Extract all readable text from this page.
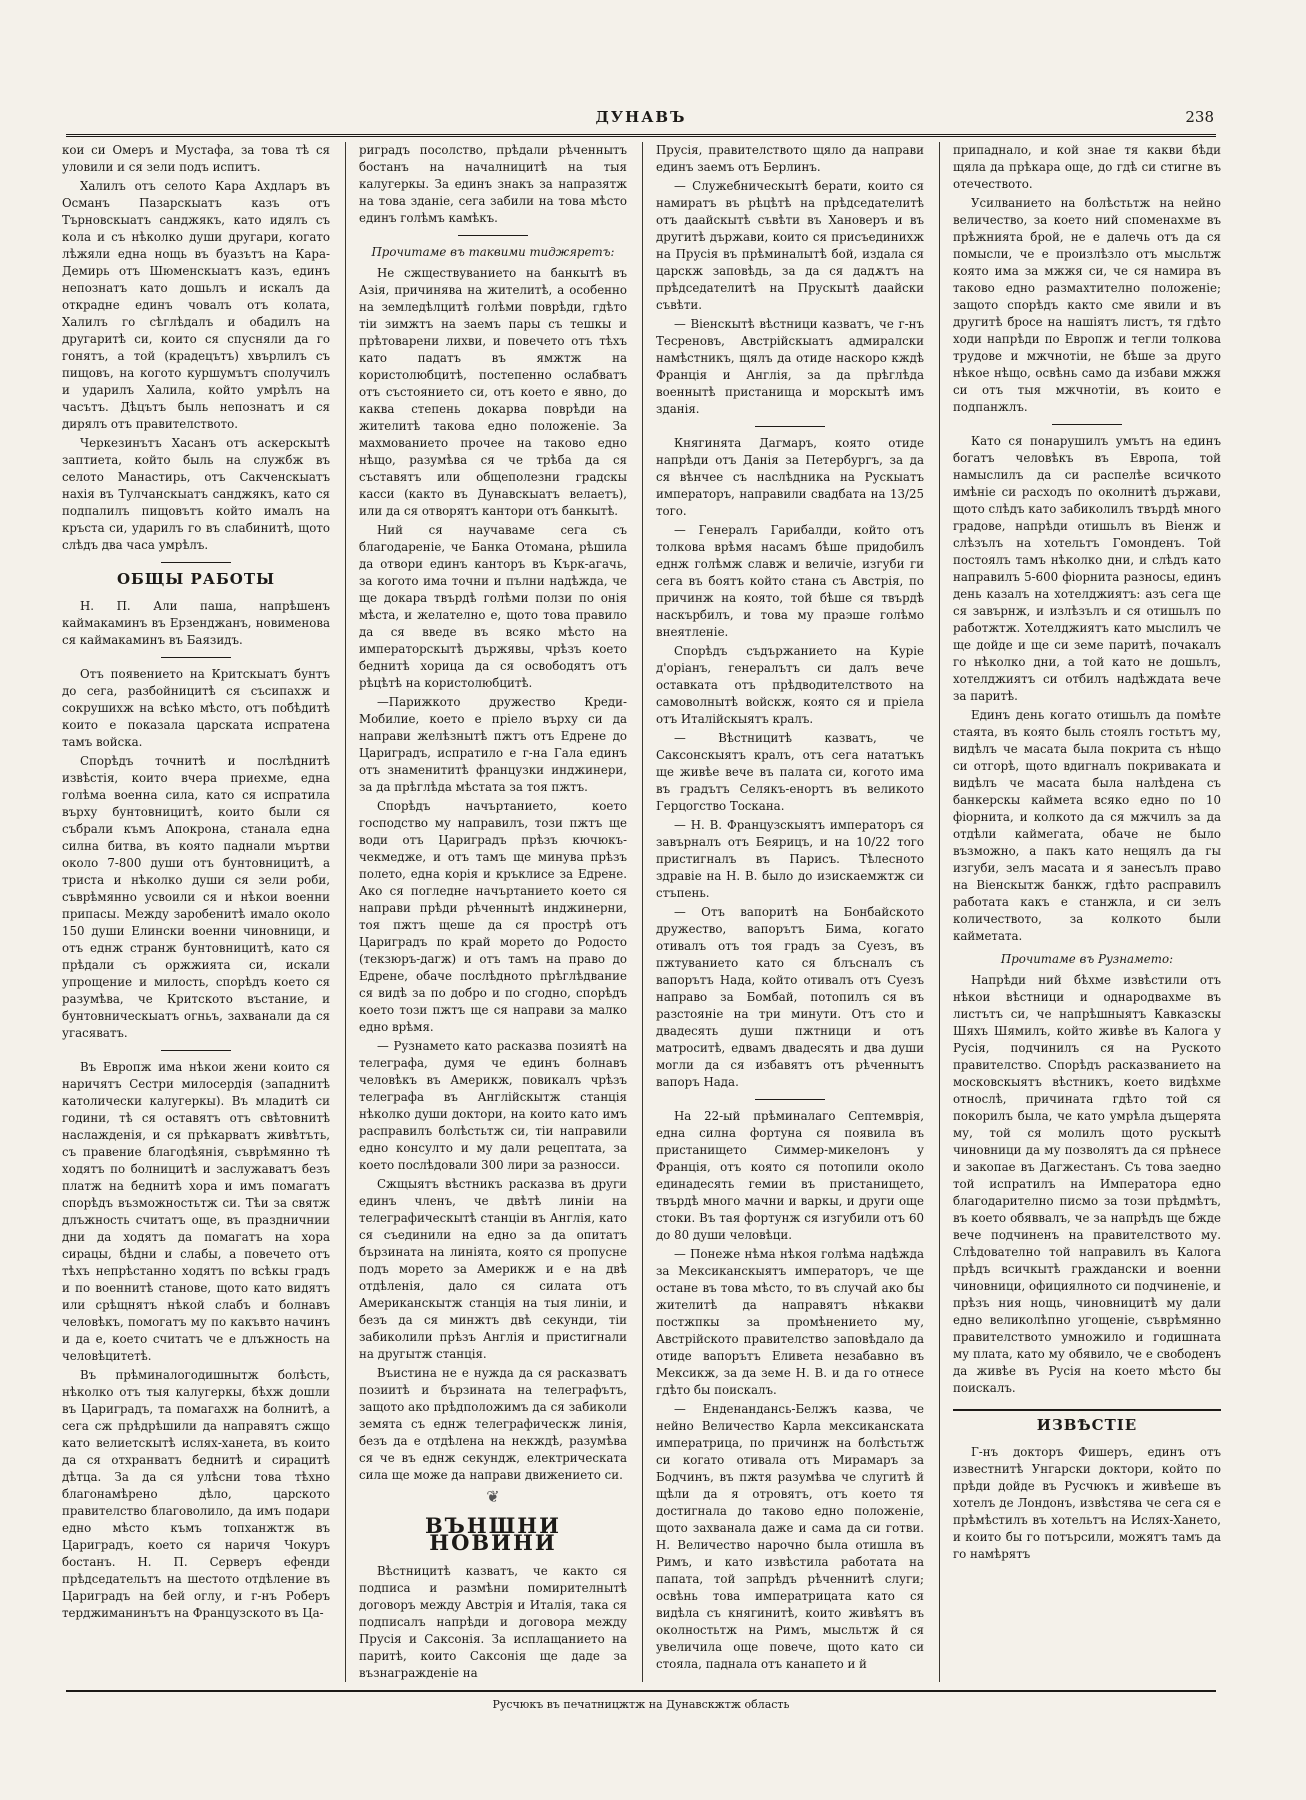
ДУНАВЪ	238

кои си Омеръ и Мустафа, за това тѣ ся уловили и ся зели подъ испитъ.

Халилъ отъ селото Кара Ахдларъ въ Османъ Пазарскыатъ казъ отъ Търновскыатъ санджякъ, като идялъ съ кола и съ нѣколко души другари, когато лѣжяли една нощь въ буазътъ на Кара-Демирь отъ Шюменскыатъ казъ, единъ непознатъ като дошьлъ и искалъ да открадне единъ човалъ отъ колата, Халилъ го сѣглѣдалъ и обадилъ на другаритѣ си, които ся спусняли да го гонятъ, а той (крадецътъ) хвърлилъ съ пищовъ, на когото куршумътъ сполучилъ и ударилъ Халила, който умрѣлъ на часътъ. Дѣцътъ быль непознатъ и ся дирялъ отъ правителството.

Черкезинътъ Хасанъ отъ аскерскытѣ заптиета, който быль на службж въ селото Манастирь, отъ Сакченскыатъ нахія въ Тулчанскыатъ санджякъ, като ся подпалилъ пищовътъ който ималъ на кръста си, ударилъ го въ слабинитѣ, щото слѣдъ два часа умрѣлъ.

ОБЩЫ РАБОТЫ

Н. П. Али паша, напрѣшенъ каймакаминъ въ Ерзенджанъ, новименова ся каймакаминъ въ Баязидъ.

Отъ появението на Критскыатъ бунтъ до сега, разбойницитѣ ся съсипахж и сокрушихж на всѣко мѣсто, отъ побѣдитѣ които е показала царската испратена тамъ войска.

Спорѣдъ точнитѣ и послѣднитѣ извѣстія, които вчера приехме, една голѣма военна сила, като ся испратила върху бунтовницитѣ, които были ся събрали къмъ Апокрона, станала една силна битва, въ която паднали мъртви около 7-800 души отъ бунтовницитѣ, а триста и нѣколко души ся зели роби, съврѣмянно усвоили ся и нѣкои военни припасы. Между заробенитѣ имало около 150 души Елински военни чиновници, и отъ еднж странж бунтовницитѣ, като ся прѣдали съ оржжията си, искали упрощение и милость, спорѣдъ което ся разумѣва, че Критското въстание, и бунтовническыатъ огньъ, захванали да ся угасяватъ.

Въ Европж има нѣкои жени които ся наричятъ Сестри милосердія (западнитѣ католически калугеркы). Въ млaдитѣ си години, тѣ ся оставятъ отъ свѣтовнитѣ наслажденія, и ся прѣкарватъ живѣтъть, съ правение благодѣянія, съврѣмянно тѣ ходятъ по болницитѣ и заслужаватъ безъ платж на беднитѣ хора и имъ помагатъ спорѣдъ възможностьтж си. Тѣи за святж длъжность считатъ още, въ праздничнии дни да ходятъ да помагатъ на хора сирацы, бѣдни и слабы, а повечето отъ тѣхъ непрѣстанно ходятъ по всѣкы градъ и по военнитѣ станове, щото като видятъ или срѣщнятъ нѣкой слабъ и болнавъ человѣкъ, помогатъ му по какъвто начинъ и да е, което считатъ че е длъжность на человѣцитетѣ.

Въ прѣминалогодишнытж болѣсть, нѣколко отъ тыя калугеркы, бѣхж дошли въ Цариградъ, та помагахж на болнитѣ, а сега сж прѣдрѣшили да направятъ сжщо като велиетскытѣ ислях-ханета, въ които да ся отхранватъ беднитѣ и сирацитѣ дѣтца. За да ся улѣсни това тѣхно благонамѣрено дѣло, царското правителство благоволило, да имъ подари едно мѣсто къмъ топханжтж въ Цариградъ, което ся наричя Чокуръ бостанъ. Н. П. Серверъ ефенди прѣдседательтъ на шестото отдѣление въ Цариградъ на бей оглу, и г-нъ Роберъ терджиманинътъ на Французското въ Ца-

риградъ посолство, прѣдали рѣченнытъ бостанъ на началницитѣ на тыя калугеркы. За единъ знакъ за напразятж на това зданіе, сега забили на това мѣсто единъ голѣмъ камѣкъ.

Прочитаме въ таквими тиджяретъ:

Не сжществуванието на банкытѣ въ Азія, причинява на жителитѣ, а особенно на земледѣлцитѣ голѣми поврѣди, гдѣто тіи зимжтъ на заемъ пары съ тешкы и прѣтоварени лихви, и повечето отъ тѣхъ като падатъ въ ямжтж на користолюбцитѣ, постепенно ослабватъ отъ състоянието си, отъ което е явно, до каква степень докарва поврѣди на жителитѣ такова едно положеніе. За махмованието прочее на таково едно нѣщо, разумѣва ся че трѣба да ся съставятъ или общеполезни градскы касси (както въ Дунавскыатъ велаетъ), или да ся отворятъ кантори отъ банкытѣ.

Ний ся научаваме сега съ благодареніе, че Банка Отомана, рѣшила да отвори единъ канторъ въ Кърк-агачь, за когото има точни и пълни надѣжда, че ще докара твърдѣ голѣми ползи по онія мѣста, и желателно е, щото това правило да ся введе въ всяко мѣсто на императорскытѣ държявы, чрѣзъ което беднитѣ хорица да ся освободятъ отъ рѣцѣтѣ на користолюбцитѣ.

—Парижкото дружество Креди-Мобилие, което е прiело върху си да направи желѣзнытѣ пжтъ отъ Едрене до Цариградъ, испратило е г-на Гала единъ отъ знаменититѣ французки инджинери, за да прѣглѣда мѣстата за тоя пжтъ.

Спорѣдъ начъртанието, което господство му направилъ, този пжтъ ще води отъ Цариградъ прѣзъ кючюкъ-чекмедже, и отъ тамъ ще минува прѣзъ полето, една корія и кръклисе за Едрене. Ако ся погледне начъртанието което ся направи прѣди рѣченнытѣ инджинерни, тоя пжтъ щеше да ся прострѣ отъ Цариградъ по край морето до Родосто (текзюръ-дагж) и отъ тамъ на право до Едрене, обаче послѣдното прѣглѣдвание ся видѣ за по добро и по сгодно, спорѣдъ което този пжтъ ще ся направи за малко едно врѣмя.

— Рузнамето като расказва позиятѣ на телеграфа, думя че единъ болнавъ человѣкъ въ Америкж, повикалъ чрѣзъ телеграфа въ Англійскытж станція нѣколко души доктори, на които като имъ расправилъ болѣстьтж си, тіи направили едно консулто и му дали рецептата, за което послѣдовали 300 лири за разносси.

Сжщыятъ вѣстникъ расказва въ други единъ членъ, че двѣтѣ линіи на телеграфическытѣ станціи въ Англія, като ся съединили на едно за да опитатъ бързината на линіята, която ся пропусне подъ морето за Америкж и е на двѣ отдѣленія, дало ся силата отъ Американскытж станція на тыя линіи, и безъ да ся минжтъ двѣ секунди, тіи забиколили прѣзъ Англія и пристигнали на другытж станція.

Въистина не е нужда да ся расказватъ позиитѣ и бързината на телеграфътъ, защото ако прѣдположимъ да ся забиколи земята съ еднж телеграфическж линія, безъ да е отдѣлена на некждѣ, разумѣва ся че въ еднж секундж, електрическата сила ще може да направи движението си.

❦
ВЪНШНИ НОВИНИ

Вѣстницитѣ казватъ, че както ся подписа и размѣни помирителнытѣ договоръ между Австрія и Италія, така ся подписалъ напрѣди и договора между Прусія и Саксонія. За исплащанието на паритѣ, които Саксонія ще даде за възнагражденіе на

Прусія, правителството щяло да направи единъ заемъ отъ Берлинъ.

— Служебническытѣ берати, които ся намиратъ въ рѣцѣтѣ на прѣдседателитѣ отъ даайскытѣ съвѣти въ Хановеръ и въ другитѣ държави, които ся присъединихж на Прусія въ прѣминалытѣ бой, издала ся царскж заповѣдь, за да ся дадѫтъ на прѣдседателитѣ на Прускытѣ даайски съвѣти.

— Віенскытѣ вѣстници казватъ, че г-нъ Тесреновъ, Австрійскыатъ адмиралски намѣстникъ, щялъ да отиде наскоро кждѣ Франція и Англія, за да прѣглѣда военнытѣ пристанища и морскытѣ имъ зданія.

Княгинята Дагмаръ, която отиде напрѣди отъ Данія за Петербургъ, за да ся вѣнчее съ наслѣдника на Рускыатъ императоръ, направили свадбата на 13/25 того.

— Генералъ Гарибалди, който отъ толкова врѣмя насамъ бѣше придобилъ еднж голѣмж славж и величіе, изгуби ги сега въ боятъ който стана съ Австрія, по причинж на която, той бѣше ся твърдѣ наскърбилъ, и това му праэше голѣмо внеятленіе.

Спорѣдъ съдържанието на Куріе д'оріанъ, генералътъ си далъ вече оставката отъ прѣдводителството на самоволнытѣ войскж, която ся и прiела отъ Италійскыятъ кралъ.

— Вѣстницитѣ казватъ, че Саксонскыятъ кралъ, отъ сега нататъкъ ще живѣе вече въ палата си, когото има въ градътъ Селякъ-енортъ въ великото Герцогство Тоскана.

— Н. В. Французскыятъ императоръ ся завърналъ отъ Беярицъ, и на 10/22 того пристигналъ въ Парисъ. Тѣлесното здравіе на Н. В. было до изискаемжтж си стъпень.

— Отъ вапоритѣ на Бонбайското дружество, вапорътъ Бима, когато отивалъ отъ тоя градъ за Суезъ, въ пжтуванието като ся блъсналъ съ вапорътъ Нада, който отивалъ отъ Суезъ направо за Бомбай, потопилъ ся въ разстояніе на три минути. Отъ сто и двадесять души пжтници и отъ матроситѣ, едвамъ двадесять и два души могли да ся избавятъ отъ рѣченнытъ вапоръ Нада.

На 22-ый прѣминалаго Септемврія, една силна фортуна ся появила въ пристанището Симмер-микелонъ у Франція, отъ която ся потопили около единадесять гемии въ пристанището, твърдѣ много мачни и варкы, и други още стоки. Въ тая фортунж ся изгубили отъ 60 до 80 души человѣци.

— Понеже нѣма нѣкоя голѣма надѣжда за Мексиканскыятъ императоръ, че ще остане въ това мѣсто, то въ случай ако бы жителитѣ да направятъ нѣкакви постжпкы за промѣнението му, Австрійското правителство заповѣдало да отиде вапорътъ Еливета незабавно въ Мексикж, за да земе Н. В. и да го отнесе гдѣто бы поискалъ.

— Енденандансь-Белжъ казва, че нейно Величество Карла мексиканската императрица, по причинж на болѣстьтж си когато отивала отъ Мирамаръ за Бодчинъ, въ пжтя разумѣва че слугитѣ й щѣли да я отровятъ, отъ което тя достигнала до таково едно положеніе, щото захванала даже и сама да си готви. Н. Величество нарочно была отишла въ Римъ, и като извѣстила работата на папата, той запрѣдъ рѣченнитѣ слуги; освѣнь това императрицата като ся видѣла съ княгинитѣ, които живѣятъ въ околностьтж на Римъ, мысльтж й ся увеличила още повече, щото като си стояла, паднала отъ канапето и й

припаднало, и кой знае тя какви бѣди щяла да прѣкара още, до гдѣ си стигне въ отечеството.

Усилванието на болѣстьтж на нейно величество, за което ний споменахме въ прѣжнията брой, не е далечь отъ да ся помысли, че е произлѣзло отъ мысльтж която има за мжжя си, че ся намира въ таково едно размахтително положеніе; защото спорѣдъ както сме явили и въ другитѣ бросе на нашіятъ листъ, тя гдѣто ходи напрѣди по Европж и тегли толкова трудове и мжчнотіи, не бѣше за друго нѣкое нѣщо, освѣнь само да избави мжжя си отъ тыя мжчнотіи, въ които е подпанжлъ.

Като ся понарушилъ умътъ на единъ богатъ человѣкъ въ Европа, той намыслилъ да си распелѣе всичкото имѣніе си расходъ по околнитѣ държави, щото слѣдъ като забиколилъ твърдѣ много градове, напрѣди отишьлъ въ Віенж и слѣзълъ на хотельтъ Гомонденъ. Той постоялъ тамъ нѣколко дни, и слѣдъ като направилъ 5-600 фіорнита разносы, единъ день казалъ на хотелджиятъ: азъ сега ще ся завърнж, и излѣзълъ и ся отишьлъ по работжтж. Хотелджиятъ като мыслилъ че ще дойде и ще си земе паритѣ, почакалъ го нѣколко дни, а той като не дошьлъ, хотелджиятъ си отбилъ надѣждата вече за паритѣ.

Единъ день когато отишьлъ да помѣте стаята, въ която быль стоялъ гостьтъ му, видѣлъ че масата была покрита съ нѣщо си отгорѣ, щото вдигналъ покриваката и видѣлъ че масата была налѣдена съ банкерскы каймета всяко едно по 10 фіорнита, и колкото да ся мжчилъ за да отдѣли каймегата, обаче не было възможно, а пакъ като нещялъ да гы изгуби, зелъ масата и я занесълъ право на Віенскытж банкж, гдѣто расправилъ работата какъ е станжла, и си зелъ количеството, за колкото были кайметата.

Прочитаме въ Рузнамето:

Напрѣди ний бѣхме извѣстили отъ нѣкои вѣстници и однародвахме въ листътъ си, че напрѣшныятъ Кавказскы Шяхъ Шямилъ, който живѣе въ Калога у Русія, подчинилъ ся на Руското правителство. Спорѣдъ расказванието на московскыятъ вѣстникъ, което видѣхме относлѣ, причината гдѣто той ся покорилъ была, че като умрѣла дъщерята му, той ся молилъ щото рускытѣ чиновници да му позволятъ да ся прѣнесе и закопае въ Дагжестанъ. Съ това заедно той испратилъ на Императора едно благодарително писмо за този прѣдмѣтъ, въ което обяввалъ, че за напрѣдъ ще бжде вече подчиненъ на правителството му. Слѣдователно той направилъ въ Калога прѣдъ всичкытѣ граждански и военни чиновници, официялното си подчиненіе, и прѣзъ ния нощь, чиновницитѣ му дали едно великолѣпно угощеніе, съврѣмянно правителството умножило и годишната му плата, като му обявило, че е свободенъ да живѣе въ Русія на което мѣсто бы поискалъ.

ИЗВѢСТІЕ

Г-нъ докторъ Фишеръ, единъ отъ известнитѣ Унгарски доктори, който по прѣди дойде въ Русчюкъ и живѣеше въ хотелъ де Лондонъ, извѣстява че сега ся е прѣмѣстилъ въ хотельтъ на Ислях-Хането, и които бы го потърсили, можятъ тамъ да го намѣрятъ

Русчюкъ въ печатницжтж на Дунавскжтж область
